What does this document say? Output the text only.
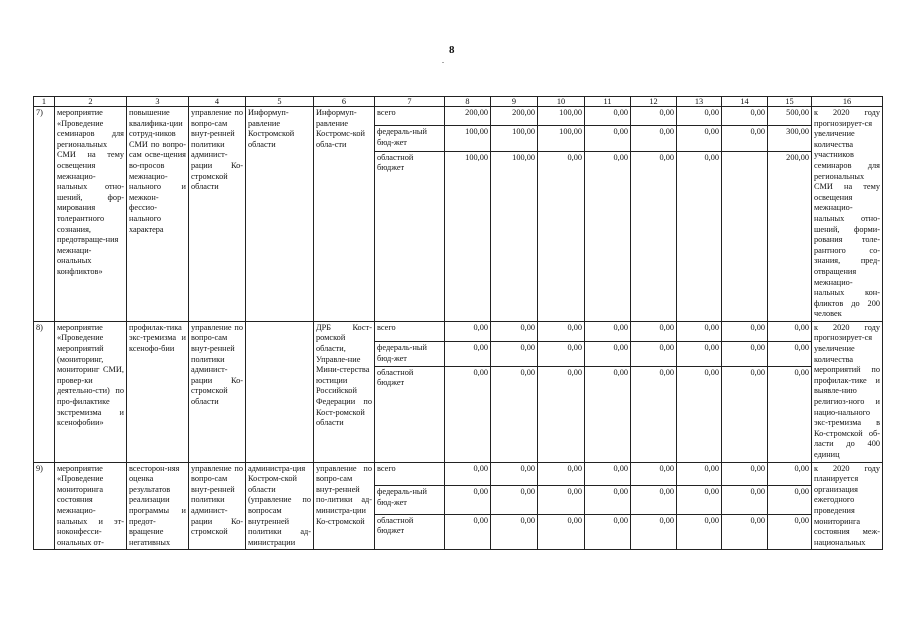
8
.
1	2	3	4	5	6	7	8	9	10	11	12	13	14	15	16
7)	мероприятие «Проведение семинаров для региональных СМИ на тему освещения межнацио-нальных отно-шений, фор-мирования толерантного сознания, предотвраще-ния межнаци-ональных конфликтов»	повышение квалифика-ции сотруд-ников СМИ по вопро-сам осве-щения во-просов межнацио-нального и межкон-фессио-нального характера	управление по вопро-сам внут-ренней политики админист-рации Ко-стромской области	Информуп-равление Костромской области	Информуп-равление Костромс-кой обла-сти	всего	200,00	200,00	100,00	0,00	0,00	0,00	0,00	500,00	к 2020 году прогнозирует-ся увеличение количества участников семинаров для региональных СМИ на тему освещения межнацио-нальных отно-шений, форми-рования толе-рантного со-знания, пред-отвращения межнацио-нальных кон-фликтов до 200 человек
						федераль-ный бюд-жет	100,00	100,00	100,00	0,00	0,00	0,00	0,00	300,00	
						областной бюджет	100,00	100,00	0,00	0,00	0,00	0,00		200,00	
8)	мероприятие «Проведение мероприятий (мониторинг, мониторинг СМИ, провер-ки деятельно-сти) по про-филактике экстремизма и ксенофобии»	профилак-тика экс-тремизма и ксенофо-бии	управление по вопро-сам внут-ренней политики админист-рации Ко-стромской области		ДРБ Кост-ромской области, Управле-ние Мини-стерства юстиции Российской Федерации по Кост-ромской области	всего	0,00	0,00	0,00	0,00	0,00	0,00	0,00	0,00	к 2020 году прогнозирует-ся увеличение количества мероприятий по профилак-тике и выявле-нию религиоз-ного и нацио-нального экс-тремизма в Ко-стромской об-ласти до 400 единиц
						федераль-ный бюд-жет	0,00	0,00	0,00	0,00	0,00	0,00	0,00	0,00	
						областной бюджет	0,00	0,00	0,00	0,00	0,00	0,00	0,00	0,00	
9)	мероприятие «Проведение мониторинга состояния межнацио-нальных и эт-ноконфесси-ональных от-	всесторон-няя оценка результатов реализации программы и предот-вращение негативных	управление по вопро-сам внут-ренней политики админист-рации Ко-стромской	администра-ция Костром-ской области (управление по вопросам внутренней политики ад-министрации	управление по вопро-сам внут-ренней по-литики ад-министра-ции Ко-стромской	всего	0,00	0,00	0,00	0,00	0,00	0,00	0,00	0,00	к 2020 году планируется организация ежегодного проведения мониторинга состояния меж-национальных
						федераль-ный бюд-жет	0,00	0,00	0,00	0,00	0,00	0,00	0,00	0,00	
						областной бюджет	0,00	0,00	0,00	0,00	0,00	0,00	0,00	0,00	
